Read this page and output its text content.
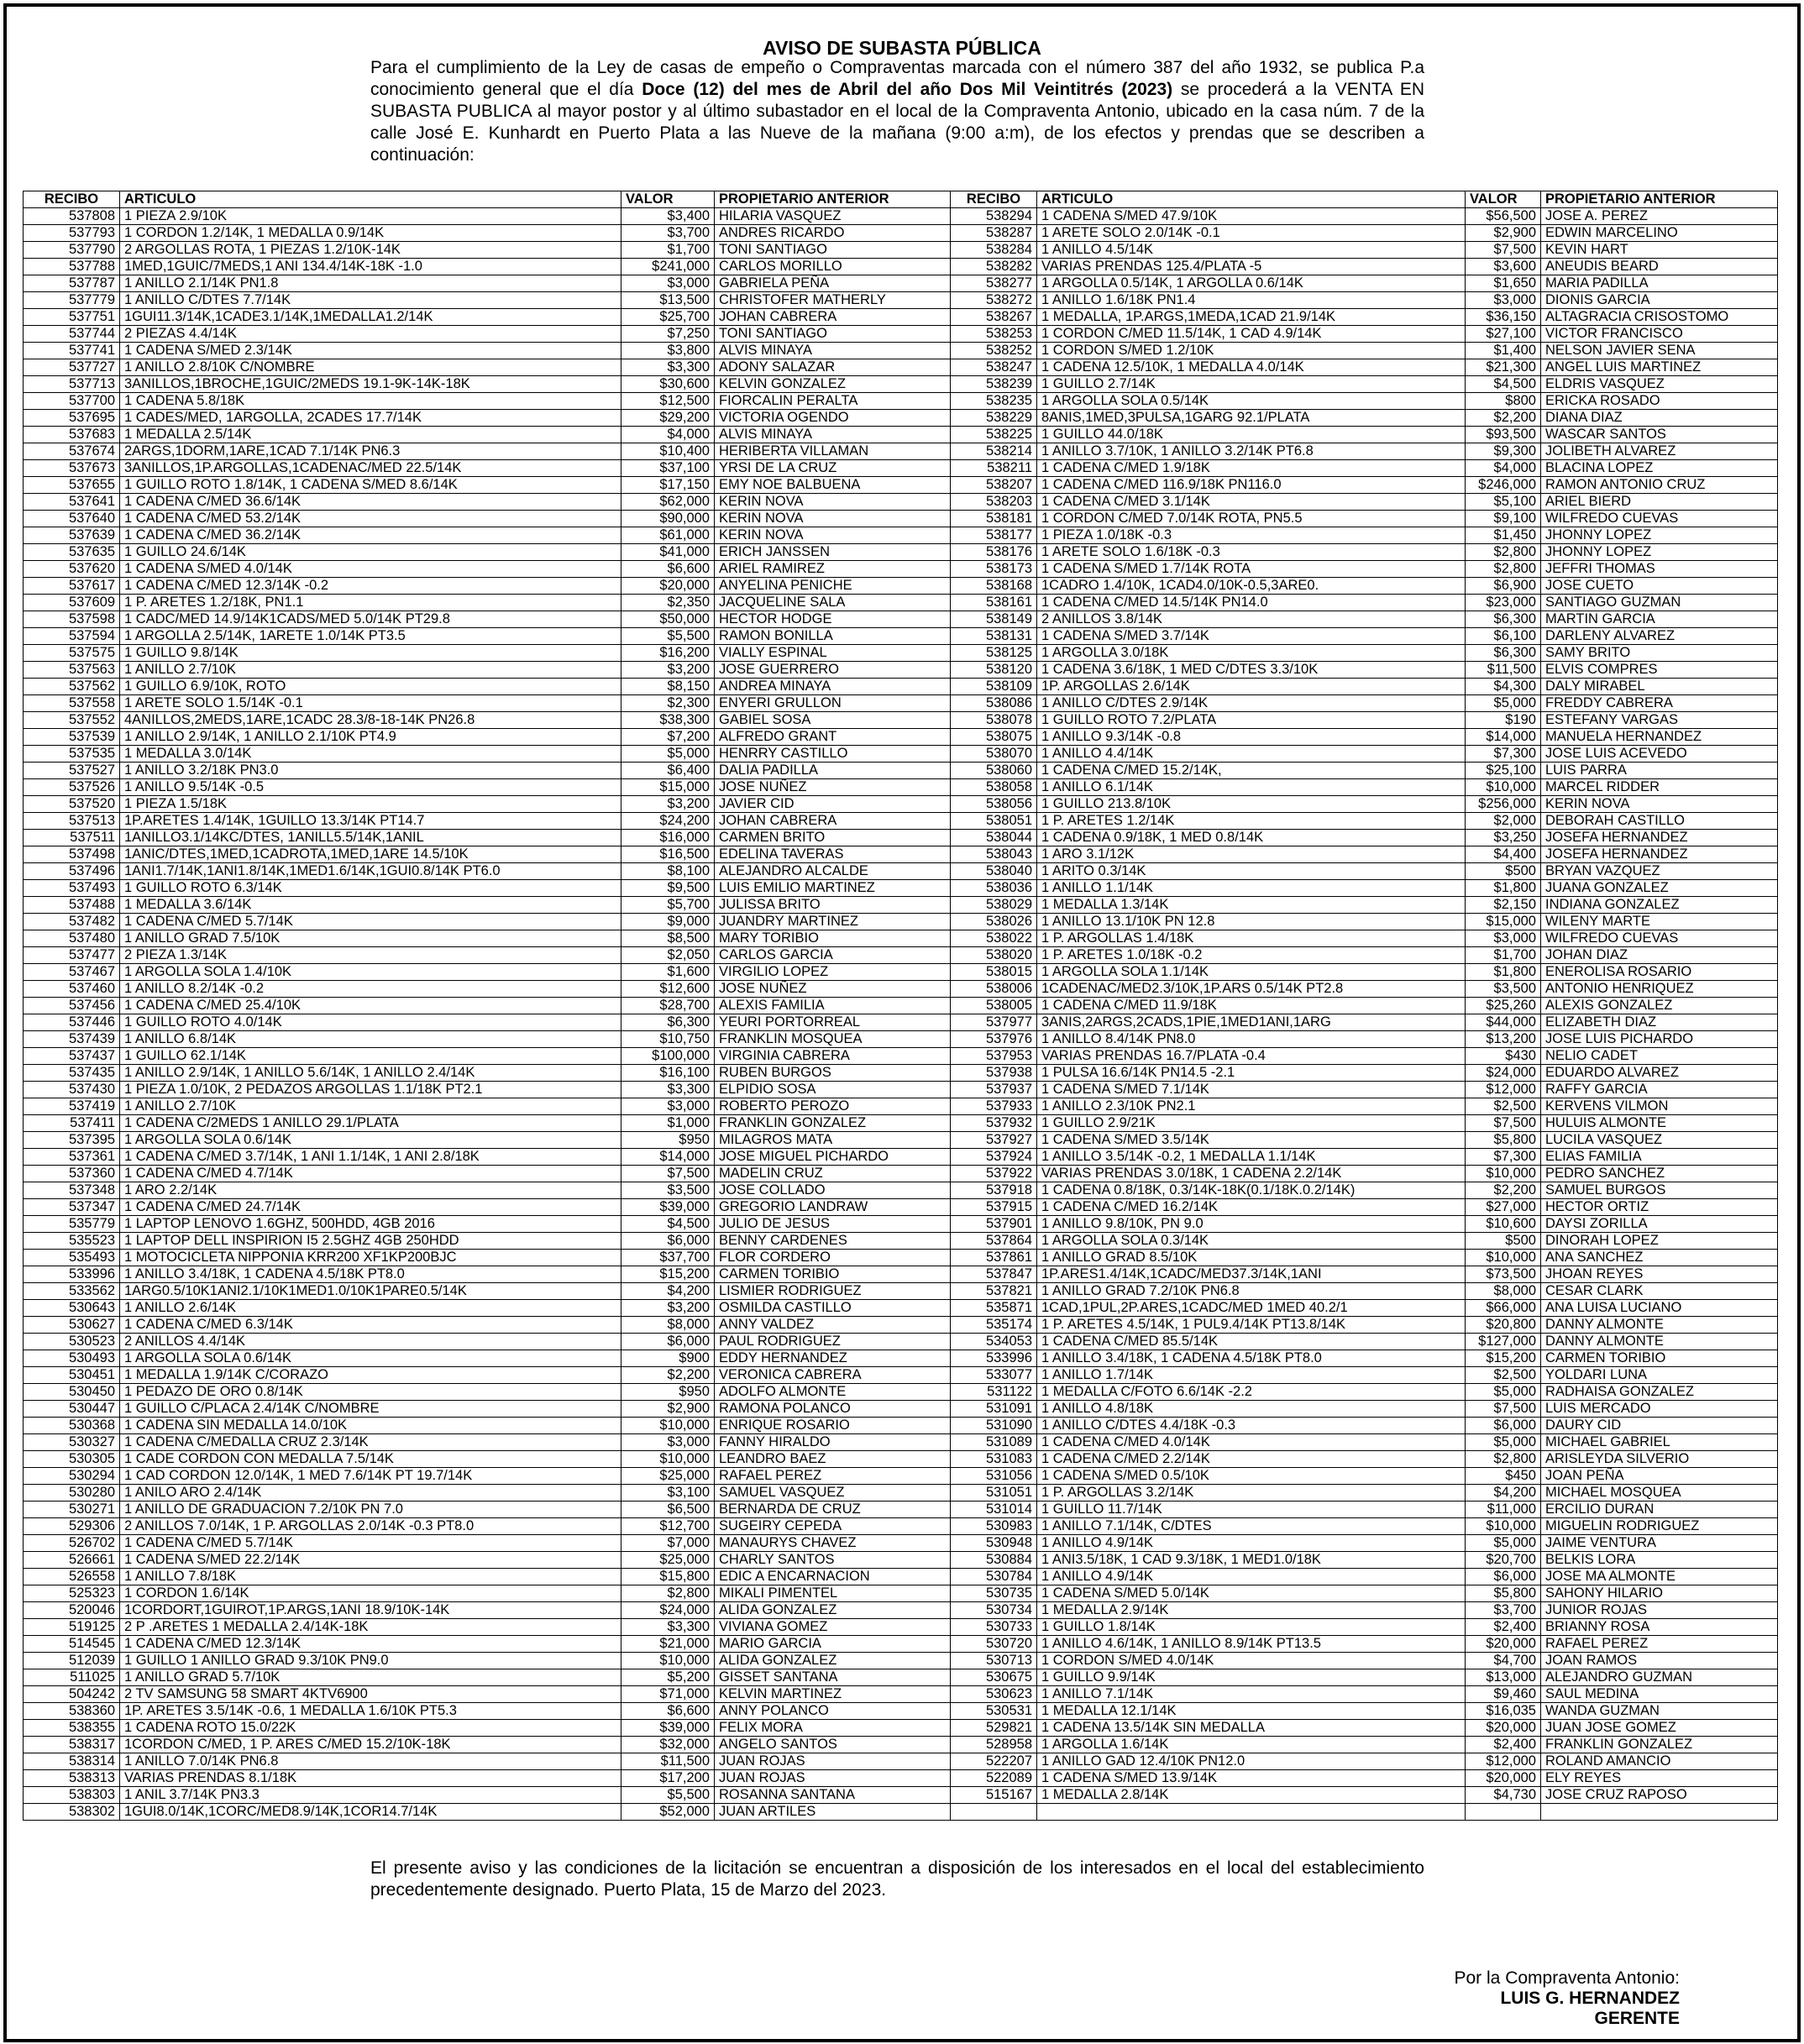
AVISO DE SUBASTA PÚBLICA
Para el cumplimiento de la Ley de casas de empeño o Compraventas marcada con el número 387 del año 1932, se publica P.a conocimiento general que el día Doce (12) del mes de Abril del año Dos Mil Veintitrés (2023) se procederá a la VENTA EN SUBASTA PUBLICA al mayor postor y al último subastador en el local de la Compraventa Antonio, ubicado en la casa núm. 7 de la calle José E. Kunhardt en Puerto Plata a las Nueve de la mañana (9:00 a:m), de los efectos y prendas que se describen a continuación:
RECIBO	ARTICULO	VALOR	PROPIETARIO ANTERIOR	RECIBO	ARTICULO	VALOR	PROPIETARIO ANTERIOR
537808	1 PIEZA 2.9/10K	$3,400	HILARIA VASQUEZ	538294	1 CADENA S/MED 47.9/10K	$56,500	JOSE A. PEREZ
537793	1 CORDON 1.2/14K, 1 MEDALLA 0.9/14K	$3,700	ANDRES RICARDO	538287	1 ARETE SOLO 2.0/14K -0.1	$2,900	EDWIN MARCELINO
537790	2 ARGOLLAS ROTA, 1 PIEZAS 1.2/10K-14K	$1,700	TONI SANTIAGO	538284	1 ANILLO 4.5/14K	$7,500	KEVIN HART
537788	1MED,1GUIC/7MEDS,1 ANI 134.4/14K-18K -1.0	$241,000	CARLOS MORILLO	538282	VARIAS PRENDAS 125.4/PLATA -5	$3,600	ANEUDIS BEARD
537787	1 ANILLO 2.1/14K PN1.8	$3,000	GABRIELA PEÑA	538277	1 ARGOLLA 0.5/14K, 1 ARGOLLA 0.6/14K	$1,650	MARIA PADILLA
537779	1 ANILLO C/DTES 7.7/14K	$13,500	CHRISTOFER MATHERLY	538272	1 ANILLO 1.6/18K PN1.4	$3,000	DIONIS GARCIA
537751	1GUI11.3/14K,1CADE3.1/14K,1MEDALLA1.2/14K	$25,700	JOHAN CABRERA	538267	1 MEDALLA, 1P.ARGS,1MEDA,1CAD 21.9/14K	$36,150	ALTAGRACIA CRISOSTOMO
537744	2 PIEZAS 4.4/14K	$7,250	TONI SANTIAGO	538253	1 CORDON C/MED 11.5/14K, 1 CAD 4.9/14K	$27,100	VICTOR FRANCISCO
537741	1 CADENA S/MED 2.3/14K	$3,800	ALVIS MINAYA	538252	1 CORDON S/MED 1.2/10K	$1,400	NELSON JAVIER SENA
537727	1 ANILLO 2.8/10K C/NOMBRE	$3,300	ADONY SALAZAR	538247	1 CADENA 12.5/10K, 1 MEDALLA 4.0/14K	$21,300	ANGEL LUIS MARTINEZ
537713	3ANILLOS,1BROCHE,1GUIC/2MEDS 19.1-9K-14K-18K	$30,600	KELVIN GONZALEZ	538239	1 GUILLO 2.7/14K	$4,500	ELDRIS VASQUEZ
537700	1 CADENA 5.8/18K	$12,500	FIORCALIN PERALTA	538235	1 ARGOLLA SOLA 0.5/14K	$800	ERICKA ROSADO
537695	1 CADES/MED, 1ARGOLLA, 2CADES 17.7/14K	$29,200	VICTORIA OGENDO	538229	8ANIS,1MED,3PULSA,1GARG 92.1/PLATA	$2,200	DIANA DIAZ
537683	1 MEDALLA 2.5/14K	$4,000	ALVIS MINAYA	538225	1 GUILLO 44.0/18K	$93,500	WASCAR SANTOS
537674	2ARGS,1DORM,1ARE,1CAD 7.1/14K PN6.3	$10,400	HERIBERTA VILLAMAN	538214	1 ANILLO 3.7/10K, 1 ANILLO 3.2/14K PT6.8	$9,300	JOLIBETH ALVAREZ
537673	3ANILLOS,1P.ARGOLLAS,1CADENAC/MED 22.5/14K	$37,100	YRSI DE LA CRUZ	538211	1 CADENA C/MED 1.9/18K	$4,000	BLACINA LOPEZ
537655	1 GUILLO ROTO 1.8/14K, 1 CADENA S/MED 8.6/14K	$17,150	EMY NOE BALBUENA	538207	1 CADENA C/MED 116.9/18K PN116.0	$246,000	RAMON ANTONIO CRUZ
537641	1 CADENA C/MED 36.6/14K	$62,000	KERIN NOVA	538203	1 CADENA C/MED 3.1/14K	$5,100	ARIEL BIERD
537640	1 CADENA C/MED 53.2/14K	$90,000	KERIN NOVA	538181	1 CORDON C/MED 7.0/14K ROTA, PN5.5	$9,100	WILFREDO CUEVAS
537639	1 CADENA C/MED 36.2/14K	$61,000	KERIN NOVA	538177	1 PIEZA 1.0/18K -0.3	$1,450	JHONNY LOPEZ
537635	1 GUILLO 24.6/14K	$41,000	ERICH JANSSEN	538176	1 ARETE SOLO 1.6/18K -0.3	$2,800	JHONNY LOPEZ
537620	1 CADENA S/MED 4.0/14K	$6,600	ARIEL RAMIREZ	538173	1 CADENA S/MED 1.7/14K ROTA	$2,800	JEFFRI THOMAS
537617	1 CADENA C/MED 12.3/14K -0.2	$20,000	ANYELINA PENICHE	538168	1CADRO 1.4/10K, 1CAD4.0/10K-0.5,3ARE0.	$6,900	JOSE CUETO
537609	1 P. ARETES 1.2/18K, PN1.1	$2,350	JACQUELINE SALA	538161	1 CADENA C/MED 14.5/14K PN14.0	$23,000	SANTIAGO GUZMAN
537598	1 CADC/MED 14.9/14K1CADS/MED 5.0/14K PT29.8	$50,000	HECTOR HODGE	538149	2 ANILLOS 3.8/14K	$6,300	MARTIN GARCIA
537594	1 ARGOLLA 2.5/14K, 1ARETE 1.0/14K PT3.5	$5,500	RAMON BONILLA	538131	1 CADENA S/MED 3.7/14K	$6,100	DARLENY ALVAREZ
537575	1 GUILLO 9.8/14K	$16,200	VIALLY ESPINAL	538125	1 ARGOLLA 3.0/18K	$6,300	SAMY BRITO
537563	1 ANILLO 2.7/10K	$3,200	JOSE GUERRERO	538120	1 CADENA 3.6/18K, 1 MED C/DTES 3.3/10K	$11,500	ELVIS COMPRES
537562	1 GUILLO 6.9/10K, ROTO	$8,150	ANDREA MINAYA	538109	1P. ARGOLLAS 2.6/14K	$4,300	DALY MIRABEL
537558	1 ARETE SOLO 1.5/14K -0.1	$2,300	ENYERI GRULLON	538086	1 ANILLO C/DTES 2.9/14K	$5,000	FREDDY CABRERA
537552	4ANILLOS,2MEDS,1ARE,1CADC 28.3/8-18-14K PN26.8	$38,300	GABIEL SOSA	538078	1 GUILLO ROTO 7.2/PLATA	$190	ESTEFANY VARGAS
537539	1 ANILLO 2.9/14K, 1 ANILLO 2.1/10K PT4.9	$7,200	ALFREDO GRANT	538075	1 ANILLO 9.3/14K -0.8	$14,000	MANUELA HERNANDEZ
537535	1 MEDALLA 3.0/14K	$5,000	HENRRY CASTILLO	538070	1 ANILLO 4.4/14K	$7,300	JOSE LUIS ACEVEDO
537527	1 ANILLO 3.2/18K PN3.0	$6,400	DALIA PADILLA	538060	1 CADENA C/MED 15.2/14K,	$25,100	LUIS PARRA
537526	1 ANILLO 9.5/14K -0.5	$15,000	JOSE NUÑEZ	538058	1 ANILLO 6.1/14K	$10,000	MARCEL RIDDER
537520	1 PIEZA 1.5/18K	$3,200	JAVIER CID	538056	1 GUILLO 213.8/10K	$256,000	KERIN NOVA
537513	1P.ARETES 1.4/14K, 1GUILLO 13.3/14K PT14.7	$24,200	JOHAN CABRERA	538051	1 P. ARETES 1.2/14K	$2,000	DEBORAH CASTILLO
537511	1ANILLO3.1/14KC/DTES, 1ANILL5.5/14K,1ANIL	$16,000	CARMEN BRITO	538044	1 CADENA 0.9/18K, 1 MED 0.8/14K	$3,250	JOSEFA HERNANDEZ
537498	1ANIC/DTES,1MED,1CADROTA,1MED,1ARE 14.5/10K	$16,500	EDELINA TAVERAS	538043	1 ARO 3.1/12K	$4,400	JOSEFA HERNANDEZ
537496	1ANI1.7/14K,1ANI1.8/14K,1MED1.6/14K,1GUI0.8/14K PT6.0	$8,100	ALEJANDRO ALCALDE	538040	1 ARITO 0.3/14K	$500	BRYAN VAZQUEZ
537493	1 GUILLO ROTO 6.3/14K	$9,500	LUIS EMILIO MARTINEZ	538036	1 ANILLO 1.1/14K	$1,800	JUANA GONZALEZ
537488	1 MEDALLA 3.6/14K	$5,700	JULISSA BRITO	538029	1 MEDALLA 1.3/14K	$2,150	INDIANA GONZALEZ
537482	1 CADENA C/MED 5.7/14K	$9,000	JUANDRY MARTINEZ	538026	1 ANILLO 13.1/10K PN 12.8	$15,000	WILENY MARTE
537480	1 ANILLO GRAD 7.5/10K	$8,500	MARY TORIBIO	538022	1 P. ARGOLLAS 1.4/18K	$3,000	WILFREDO CUEVAS
537477	2 PIEZA 1.3/14K	$2,050	CARLOS GARCIA	538020	1 P. ARETES 1.0/18K -0.2	$1,700	JOHAN DIAZ
537467	1 ARGOLLA SOLA 1.4/10K	$1,600	VIRGILIO LOPEZ	538015	1 ARGOLLA SOLA 1.1/14K	$1,800	ENEROLISA ROSARIO
537460	1 ANILLO 8.2/14K -0.2	$12,600	JOSE NUÑEZ	538006	1CADENAC/MED2.3/10K,1P.ARS 0.5/14K PT2.8	$3,500	ANTONIO HENRIQUEZ
537456	1 CADENA C/MED 25.4/10K	$28,700	ALEXIS FAMILIA	538005	1 CADENA C/MED 11.9/18K	$25,260	ALEXIS GONZALEZ
537446	1 GUILLO ROTO 4.0/14K	$6,300	YEURI PORTORREAL	537977	3ANIS,2ARGS,2CADS,1PIE,1MED1ANI,1ARG	$44,000	ELIZABETH DIAZ
537439	1 ANILLO 6.8/14K	$10,750	FRANKLIN MOSQUEA	537976	1 ANILLO 8.4/14K PN8.0	$13,200	JOSE LUIS PICHARDO
537437	1 GUILLO 62.1/14K	$100,000	VIRGINIA CABRERA	537953	VARIAS PRENDAS 16.7/PLATA -0.4	$430	NELIO CADET
537435	1 ANILLO 2.9/14K, 1 ANILLO 5.6/14K, 1 ANILLO 2.4/14K	$16,100	RUBEN BURGOS	537938	1 PULSA 16.6/14K PN14.5 -2.1	$24,000	EDUARDO ALVAREZ
537430	1 PIEZA 1.0/10K, 2 PEDAZOS ARGOLLAS 1.1/18K PT2.1	$3,300	ELPIDIO SOSA	537937	1 CADENA S/MED 7.1/14K	$12,000	RAFFY GARCIA
537419	1 ANILLO 2.7/10K	$3,000	ROBERTO PEROZO	537933	1 ANILLO 2.3/10K PN2.1	$2,500	KERVENS VILMON
537411	1 CADENA C/2MEDS 1 ANILLO 29.1/PLATA	$1,000	FRANKLIN GONZALEZ	537932	1 GUILLO 2.9/21K	$7,500	HULUIS ALMONTE
537395	1 ARGOLLA SOLA 0.6/14K	$950	MILAGROS MATA	537927	1 CADENA S/MED 3.5/14K	$5,800	LUCILA VASQUEZ
537361	1 CADENA C/MED 3.7/14K, 1 ANI 1.1/14K, 1 ANI 2.8/18K	$14,000	JOSE MIGUEL PICHARDO	537924	1 ANILLO 3.5/14K -0.2, 1 MEDALLA 1.1/14K	$7,300	ELIAS FAMILIA
537360	1 CADENA C/MED 4.7/14K	$7,500	MADELIN CRUZ	537922	VARIAS PRENDAS 3.0/18K, 1 CADENA 2.2/14K	$10,000	PEDRO SANCHEZ
537348	1 ARO 2.2/14K	$3,500	JOSE COLLADO	537918	1 CADENA 0.8/18K, 0.3/14K-18K(0.1/18K.0.2/14K)	$2,200	SAMUEL BURGOS
537347	1 CADENA C/MED 24.7/14K	$39,000	GREGORIO LANDRAW	537915	1 CADENA C/MED 16.2/14K	$27,000	HECTOR ORTIZ
535779	1 LAPTOP LENOVO 1.6GHZ, 500HDD, 4GB 2016	$4,500	JULIO DE JESUS	537901	1 ANILLO 9.8/10K, PN 9.0	$10,600	DAYSI ZORILLA
535523	1 LAPTOP DELL INSPIRION I5 2.5GHZ 4GB 250HDD	$6,000	BENNY CARDENES	537864	1 ARGOLLA SOLA 0.3/14K	$500	DINORAH LOPEZ
535493	1 MOTOCICLETA NIPPONIA KRR200 XF1KP200BJC	$37,700	FLOR CORDERO	537861	1 ANILLO GRAD 8.5/10K	$10,000	ANA SANCHEZ
533996	1 ANILLO 3.4/18K, 1 CADENA 4.5/18K PT8.0	$15,200	CARMEN TORIBIO	537847	1P.ARES1.4/14K,1CADC/MED37.3/14K,1ANI	$73,500	JHOAN REYES
533562	1ARG0.5/10K1ANI2.1/10K1MED1.0/10K1PARE0.5/14K	$4,200	LISMIER RODRIGUEZ	537821	1 ANILLO GRAD 7.2/10K PN6.8	$8,000	CESAR CLARK
530643	1 ANILLO 2.6/14K	$3,200	OSMILDA CASTILLO	535871	1CAD,1PUL,2P.ARES,1CADC/MED 1MED 40.2/1	$66,000	ANA LUISA LUCIANO
530627	1 CADENA C/MED 6.3/14K	$8,000	ANNY VALDEZ	535174	1 P. ARETES 4.5/14K, 1 PUL9.4/14K PT13.8/14K	$20,800	DANNY ALMONTE
530523	2 ANILLOS 4.4/14K	$6,000	PAUL RODRIGUEZ	534053	1 CADENA C/MED 85.5/14K	$127,000	DANNY ALMONTE
530493	1 ARGOLLA SOLA 0.6/14K	$900	EDDY HERNANDEZ	533996	1 ANILLO 3.4/18K, 1 CADENA 4.5/18K PT8.0	$15,200	CARMEN TORIBIO
530451	1 MEDALLA 1.9/14K C/CORAZO	$2,200	VERONICA CABRERA	533077	1 ANILLO 1.7/14K	$2,500	YOLDARI LUNA
530450	1 PEDAZO DE ORO 0.8/14K	$950	ADOLFO ALMONTE	531122	1 MEDALLA C/FOTO 6.6/14K -2.2	$5,000	RADHAISA GONZALEZ
530447	1 GUILLO C/PLACA 2.4/14K C/NOMBRE	$2,900	RAMONA POLANCO	531091	1 ANILLO 4.8/18K	$7,500	LUIS MERCADO
530368	1 CADENA SIN MEDALLA 14.0/10K	$10,000	ENRIQUE ROSARIO	531090	1 ANILLO C/DTES 4.4/18K -0.3	$6,000	DAURY CID
530327	1 CADENA C/MEDALLA CRUZ 2.3/14K	$3,000	FANNY HIRALDO	531089	1 CADENA C/MED 4.0/14K	$5,000	MICHAEL GABRIEL
530305	1 CADE CORDON CON MEDALLA 7.5/14K	$10,000	LEANDRO BAEZ	531083	1 CADENA C/MED 2.2/14K	$2,800	ARISLEYDA SILVERIO
530294	1 CAD CORDON 12.0/14K, 1 MED 7.6/14K PT 19.7/14K	$25,000	RAFAEL PEREZ	531056	1 CADENA S/MED 0.5/10K	$450	JOAN PEÑA
530280	1 ANILO ARO 2.4/14K	$3,100	SAMUEL VASQUEZ	531051	1 P. ARGOLLAS 3.2/14K	$4,200	MICHAEL MOSQUEA
530271	1 ANILLO DE GRADUACION 7.2/10K PN 7.0	$6,500	BERNARDA DE CRUZ	531014	1 GUILLO 11.7/14K	$11,000	ERCILIO DURAN
529306	2 ANILLOS 7.0/14K, 1 P. ARGOLLAS 2.0/14K -0.3 PT8.0	$12,700	SUGEIRY CEPEDA	530983	1 ANILLO 7.1/14K, C/DTES	$10,000	MIGUELIN RODRIGUEZ
526702	1 CADENA C/MED 5.7/14K	$7,000	MANAURYS CHAVEZ	530948	1 ANILLO 4.9/14K	$5,000	JAIME VENTURA
526661	1 CADENA S/MED 22.2/14K	$25,000	CHARLY SANTOS	530884	1 ANI3.5/18K, 1 CAD 9.3/18K, 1 MED1.0/18K	$20,700	BELKIS LORA
526558	1 ANILLO 7.8/18K	$15,800	EDIC A ENCARNACION	530784	1 ANILLO 4.9/14K	$6,000	JOSE MA ALMONTE
525323	1 CORDON 1.6/14K	$2,800	MIKALI PIMENTEL	530735	1 CADENA S/MED 5.0/14K	$5,800	SAHONY HILARIO
520046	1CORDORT,1GUIROT,1P.ARGS,1ANI 18.9/10K-14K	$24,000	ALIDA GONZALEZ	530734	1 MEDALLA 2.9/14K	$3,700	JUNIOR ROJAS
519125	2 P .ARETES 1 MEDALLA 2.4/14K-18K	$3,300	VIVIANA GOMEZ	530733	1 GUILLO 1.8/14K	$2,400	BRIANNY ROSA
514545	1 CADENA C/MED 12.3/14K	$21,000	MARIO GARCIA	530720	1 ANILLO 4.6/14K, 1 ANILLO 8.9/14K PT13.5	$20,000	RAFAEL PEREZ
512039	1 GUILLO 1 ANILLO GRAD 9.3/10K PN9.0	$10,000	ALIDA GONZALEZ	530713	1 CORDON S/MED 4.0/14K	$4,700	JOAN RAMOS
511025	1 ANILLO GRAD 5.7/10K	$5,200	GISSET SANTANA	530675	1 GUILLO 9.9/14K	$13,000	ALEJANDRO GUZMAN
504242	2 TV SAMSUNG 58 SMART 4KTV6900	$71,000	KELVIN MARTINEZ	530623	1 ANILLO 7.1/14K	$9,460	SAUL MEDINA
538360	1P. ARETES 3.5/14K -0.6, 1 MEDALLA 1.6/10K PT5.3	$6,600	ANNY POLANCO	530531	1 MEDALLA 12.1/14K	$16,035	WANDA GUZMAN
538355	1 CADENA ROTO 15.0/22K	$39,000	FELIX MORA	529821	1 CADENA 13.5/14K SIN MEDALLA	$20,000	JUAN JOSE GOMEZ
538317	1CORDON C/MED, 1 P. ARES C/MED 15.2/10K-18K	$32,000	ANGELO SANTOS	528958	1 ARGOLLA 1.6/14K	$2,400	FRANKLIN GONZALEZ
538314	1 ANILLO 7.0/14K PN6.8	$11,500	JUAN ROJAS	522207	1 ANILLO GAD 12.4/10K PN12.0	$12,000	ROLAND AMANCIO
538313	VARIAS PRENDAS 8.1/18K	$17,200	JUAN ROJAS	522089	1 CADENA S/MED 13.9/14K	$20,000	ELY REYES
538303	1 ANIL 3.7/14K PN3.3	$5,500	ROSANNA SANTANA	515167	1 MEDALLA 2.8/14K	$4,730	JOSE CRUZ RAPOSO
538302	1GUI8.0/14K,1CORC/MED8.9/14K,1COR14.7/14K	$52,000	JUAN ARTILES				
El presente aviso y las condiciones de la licitación se encuentran a disposición de los interesados en el local del establecimiento precedentemente designado. Puerto Plata, 15 de Marzo del 2023.
Por la Compraventa Antonio:
LUIS G. HERNANDEZ
GERENTE
